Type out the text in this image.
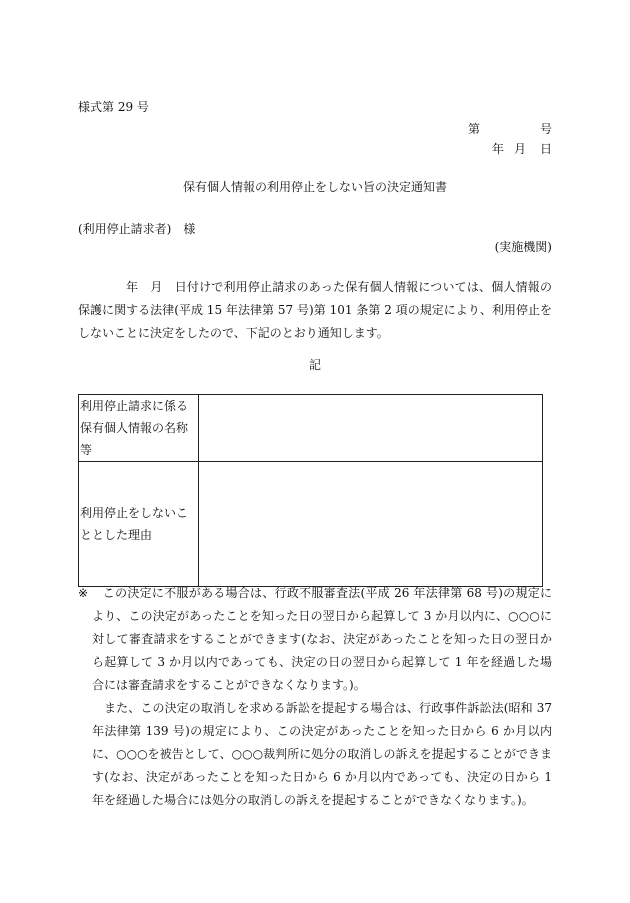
様式第 29 号
第	号
年 月 日
保有個人情報の利用停止をしない旨の決定通知書
(利用停止請求者)　様
(実施機関)
年　月　日付けで利用停止請求のあった保有個人情報については、個人情報の保護に関する法律(平成 15 年法律第 57 号)第 101 条第 2 項の規定により、利用停止をしないことに決定をしたので、下記のとおり通知します。
記
利用停止請求に係る保有個人情報の名称等	
利用停止をしないこととした理由	
※	この決定に不服がある場合は、行政不服審査法(平成 26 年法律第 68 号)の規定により、この決定があったことを知った日の翌日から起算して 3 か月以内に、○○○に対して審査請求をすることができます(なお、決定があったことを知った日の翌日から起算して 3 か月以内であっても、決定の日の翌日から起算して 1 年を経過した場合には審査請求をすることができなくなります。)。
また、この決定の取消しを求める訴訟を提起する場合は、行政事件訴訟法(昭和 37 年法律第 139 号)の規定により、この決定があったことを知った日から 6 か月以内に、○○○を被告として、○○○裁判所に処分の取消しの訴えを提起することができます(なお、決定があったことを知った日から 6 か月以内であっても、決定の日から 1 年を経過した場合には処分の取消しの訴えを提起することができなくなります。)。
